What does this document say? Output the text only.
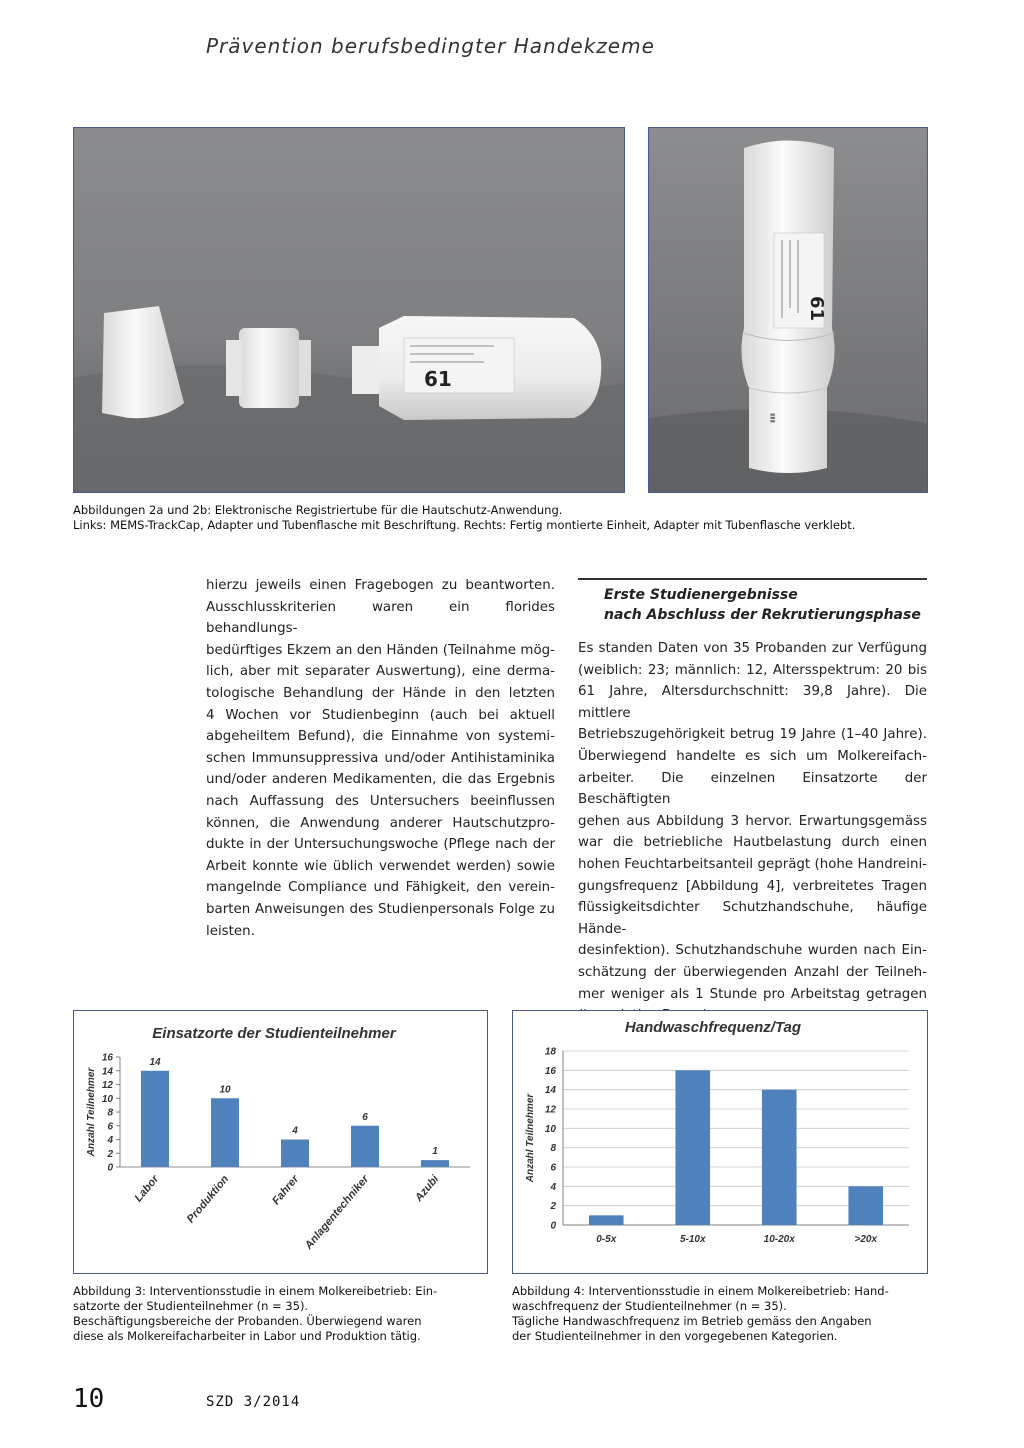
Prävention berufsbedingter Handekzeme
61
61
▮▮▮
Abbildungen 2a und 2b: Elektronische Registriertube für die Hautschutz-Anwendung.
Links: MEMS-TrackCap, Adapter und Tubenflasche mit Beschriftung. Rechts: Fertig montierte Einheit, Adapter mit Tubenflasche verklebt.

hierzu jeweils einen Fragebogen zu beantworten.
Ausschlusskriterien waren ein florides behandlungs-
bedürftiges Ekzem an den Händen (Teilnahme mög-
lich, aber mit separater Auswertung), eine derma-
tologische Behandlung der Hände in den letzten
4 Wochen vor Studienbeginn (auch bei aktuell
abgeheiltem Befund), die Einnahme von systemi-
schen Immunsuppressiva und/oder Antihistaminika
und/oder anderen Medikamenten, die das Ergebnis
nach Auffassung des Untersuchers beeinflussen
können, die Anwendung anderer Hautschutzpro-
dukte in der Untersuchungswoche (Pflege nach der
Arbeit konnte wie üblich verwendet werden) sowie
mangelnde Compliance und Fähigkeit, den verein-
barten Anweisungen des Studienpersonals Folge zu
leisten.

Erste Studienergebnisse
nach Abschluss der Rekrutierungsphase

Es standen Daten von 35 Probanden zur Verfügung
(weiblich: 23; männlich: 12, Altersspektrum: 20 bis
61 Jahre, Altersdurchschnitt: 39,8 Jahre). Die mittlere
Betriebszugehörigkeit betrug 19 Jahre (1–40 Jahre).
Überwiegend handelte es sich um Molkereifach-
arbeiter. Die einzelnen Einsatzorte der Beschäftigten
gehen aus Abbildung 3 hervor. Erwartungsgemäss
war die betriebliche Hautbelastung durch einen
hohen Feuchtarbeitsanteil geprägt (hohe Handreini-
gungsfrequenz [Abbildung 4], verbreitetes Tragen
flüssigkeitsdichter Schutzhandschuhe, häufige Hände-
desinfektion). Schutzhandschuhe wurden nach Ein-
schätzung der überwiegenden Anzahl der Teilneh-
mer weniger als 1 Stunde pro Arbeitstag getragen

Einsatzorte der Studienteilnehmer
Anzahl Teilnehmer
0
2
4
6
8
10
12
14
16	14
Labor
10
Produktion
4
Fahrer
6
Anlagentechniker
1
Azubi
Handwaschfrequenz/Tag
Anzahl Teilnehmer
0
2
4
6
8
10
12
14
16
18
0-5x	5-10x	10-20x	>20x
Abbildung 3: Interventionsstudie in einem Molkereibetrieb: Ein-
satzorte der Studienteilnehmer (n = 35).
Beschäftigungsbereiche der Probanden. Überwiegend waren
diese als Molkereifacharbeiter in Labor und Produktion tätig.
Abbildung 4: Interventionsstudie in einem Molkereibetrieb: Hand-
waschfrequenz der Studienteilnehmer (n = 35).
Tägliche Handwaschfrequenz im Betrieb gemäss den Angaben
der Studienteilnehmer in den vorgegebenen Kategorien.
10	SZD 3/2014
